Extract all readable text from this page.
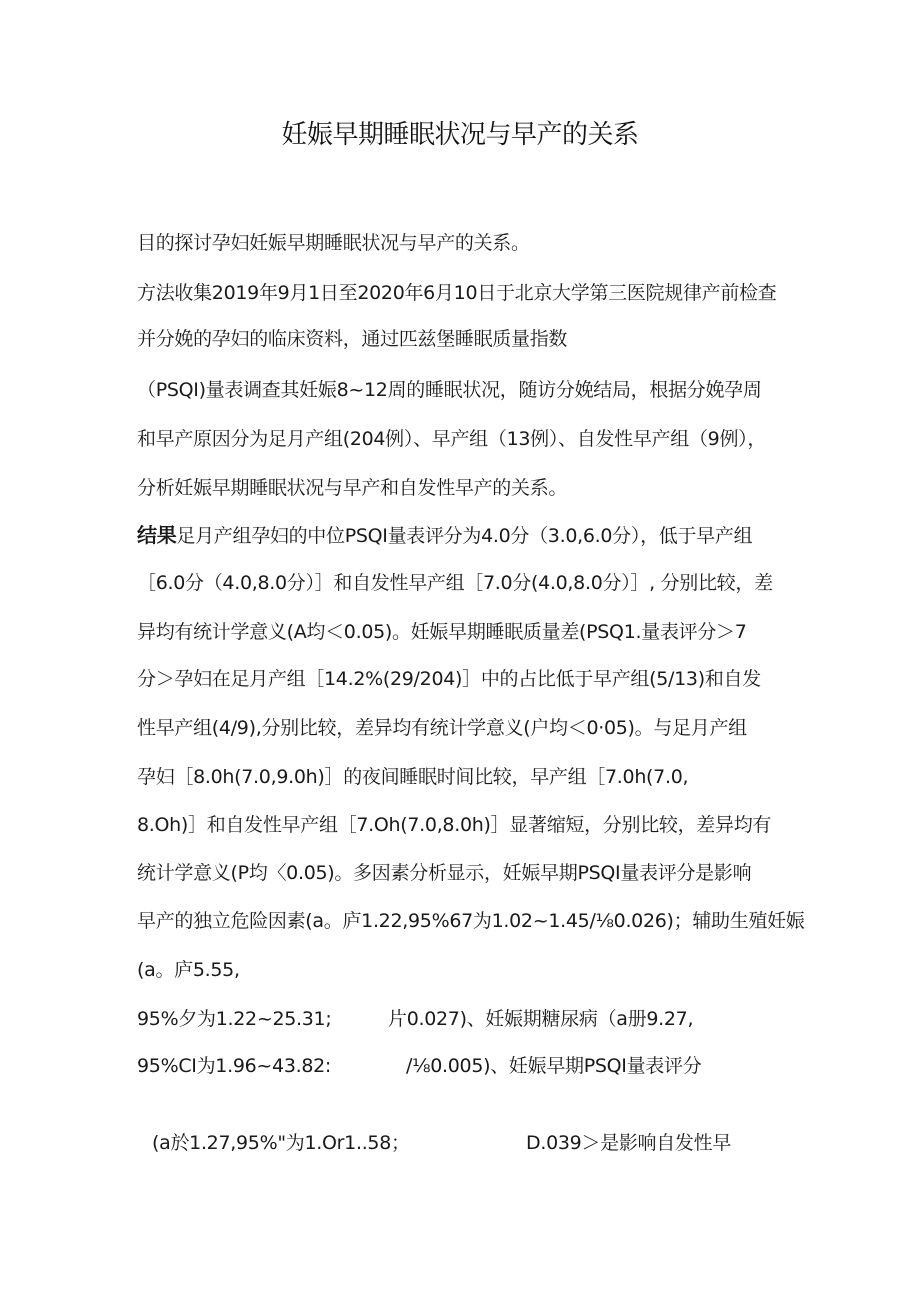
妊娠早期睡眠状况与早产的关系
目的探讨孕妇妊娠早期睡眠状况与早产的关系。
方法收集2019年9月1日至2020年6月10日于北京大学第三医院规律产前检查
并分娩的孕妇的临床资料，通过匹兹堡睡眠质量指数
（PSQI)量表调查其妊娠8~12周的睡眠状况，随访分娩结局，根据分娩孕周
和早产原因分为足月产组(204例）、早产组（13例）、自发性早产组（9例），
分析妊娠早期睡眠状况与早产和自发性早产的关系。
结果足月产组孕妇的中位PSQI量表评分为4.0分（3.0,6.0分），低于早产组
［6.0分（4.0,8.0分）］和自发性早产组［7.0分(4.0,8.0分）］, 分别比较，差
异均有统计学意义(A均＜0.05)。妊娠早期睡眠质量差(PSQ1.量表评分＞7
分＞孕妇在足月产组［14.2%(29/204)］中的占比低于早产组(5/13)和自发
性早产组(4/9),分别比较，差异均有统计学意义(户均＜0·05)。与足月产组
孕妇［8.0h(7.0,9.0h)］的夜间睡眠时间比较，早产组［7.0h(7.0,
8.Oh)］和自发性早产组［7.Oh(7.0,8.0h)］显著缩短，分别比较，差异均有
统计学意义(P均〈0.05)。多因素分析显示，妊娠早期PSQI量表评分是影响
早产的独立危险因素(a。庐1.22,95%67为1.02~1.45∕⅛0.026)；辅助生殖妊娠
(a。庐5.55,
95%夕为1.22~25.31;	片0.027)、妊娠期糖尿病（a册9.27,
95%CI为1.96~43.82:	∕⅛0.005)、妊娠早期PSQI量表评分
(a於1.27,95%"为1.Or1..58；	D.039＞是影响自发性早
